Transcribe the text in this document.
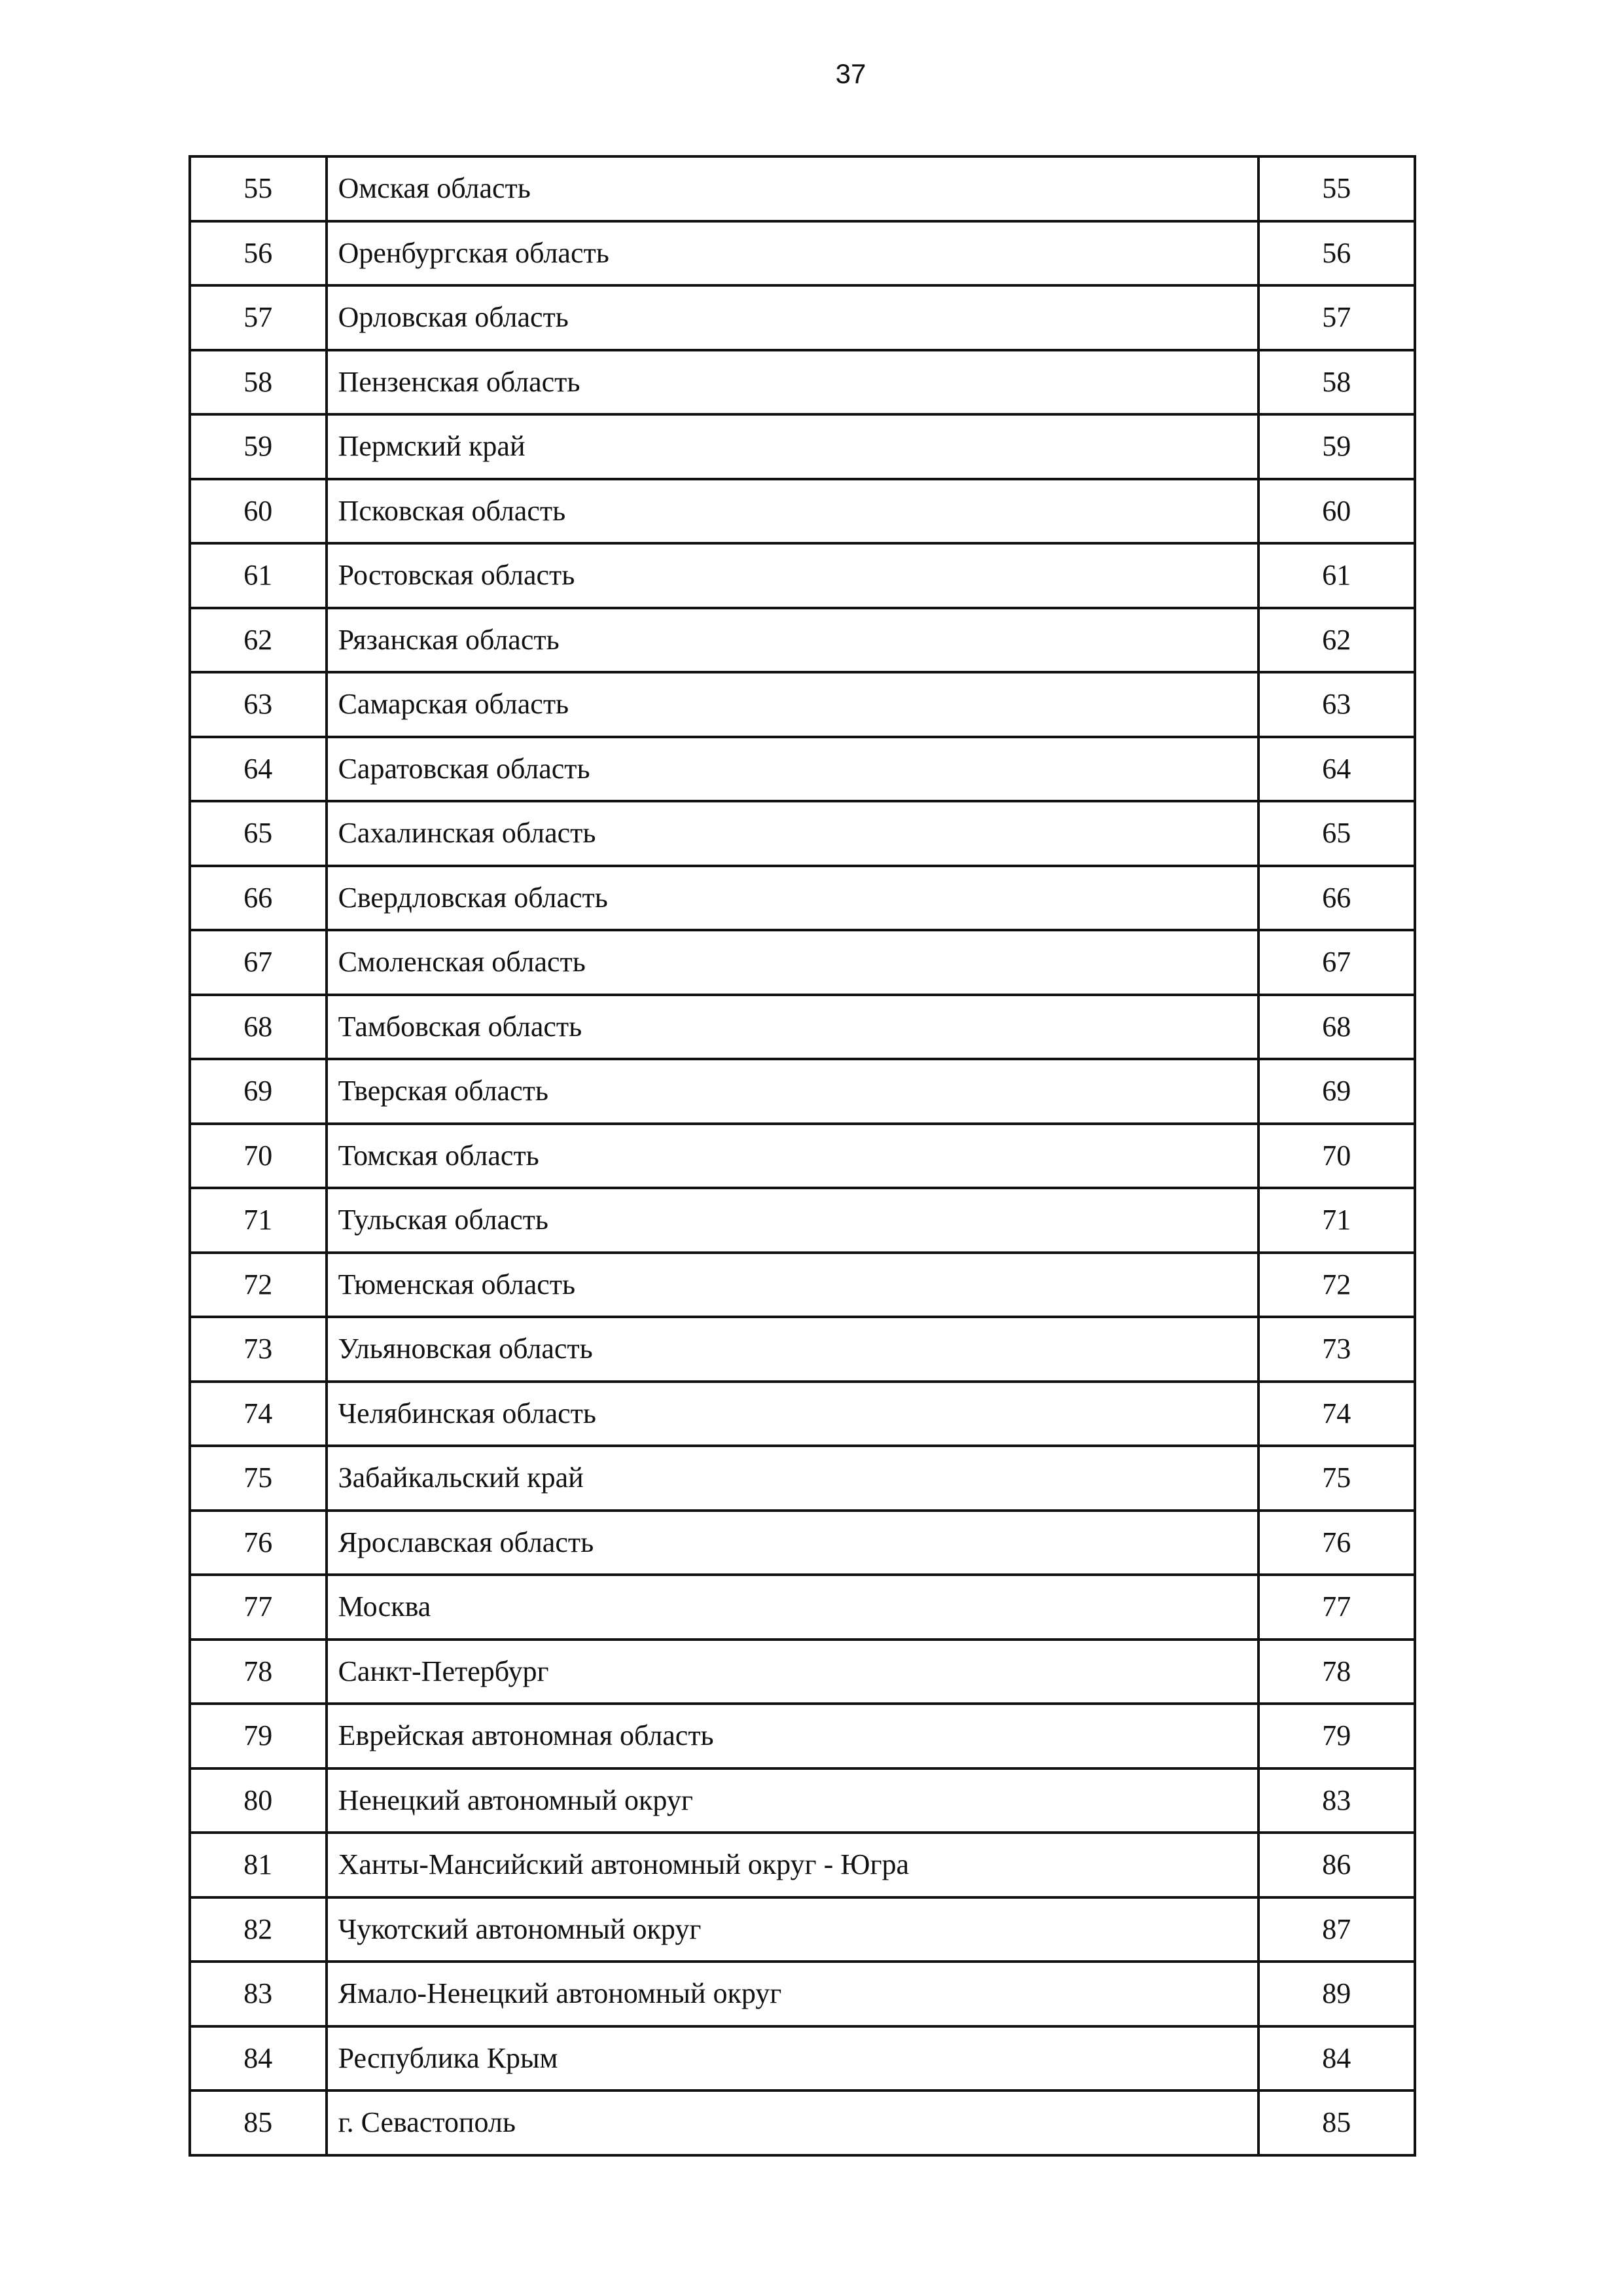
37
55	Омская область	55
56	Оренбургская область	56
57	Орловская область	57
58	Пензенская область	58
59	Пермский край	59
60	Псковская область	60
61	Ростовская область	61
62	Рязанская область	62
63	Самарская область	63
64	Саратовская область	64
65	Сахалинская область	65
66	Свердловская область	66
67	Смоленская область	67
68	Тамбовская область	68
69	Тверская область	69
70	Томская область	70
71	Тульская область	71
72	Тюменская область	72
73	Ульяновская область	73
74	Челябинская область	74
75	Забайкальский край	75
76	Ярославская область	76
77	Москва	77
78	Санкт-Петербург	78
79	Еврейская автономная область	79
80	Ненецкий автономный округ	83
81	Ханты-Мансийский автономный округ - Югра	86
82	Чукотский автономный округ	87
83	Ямало-Ненецкий автономный округ	89
84	Республика Крым	84
85	г. Севастополь	85
